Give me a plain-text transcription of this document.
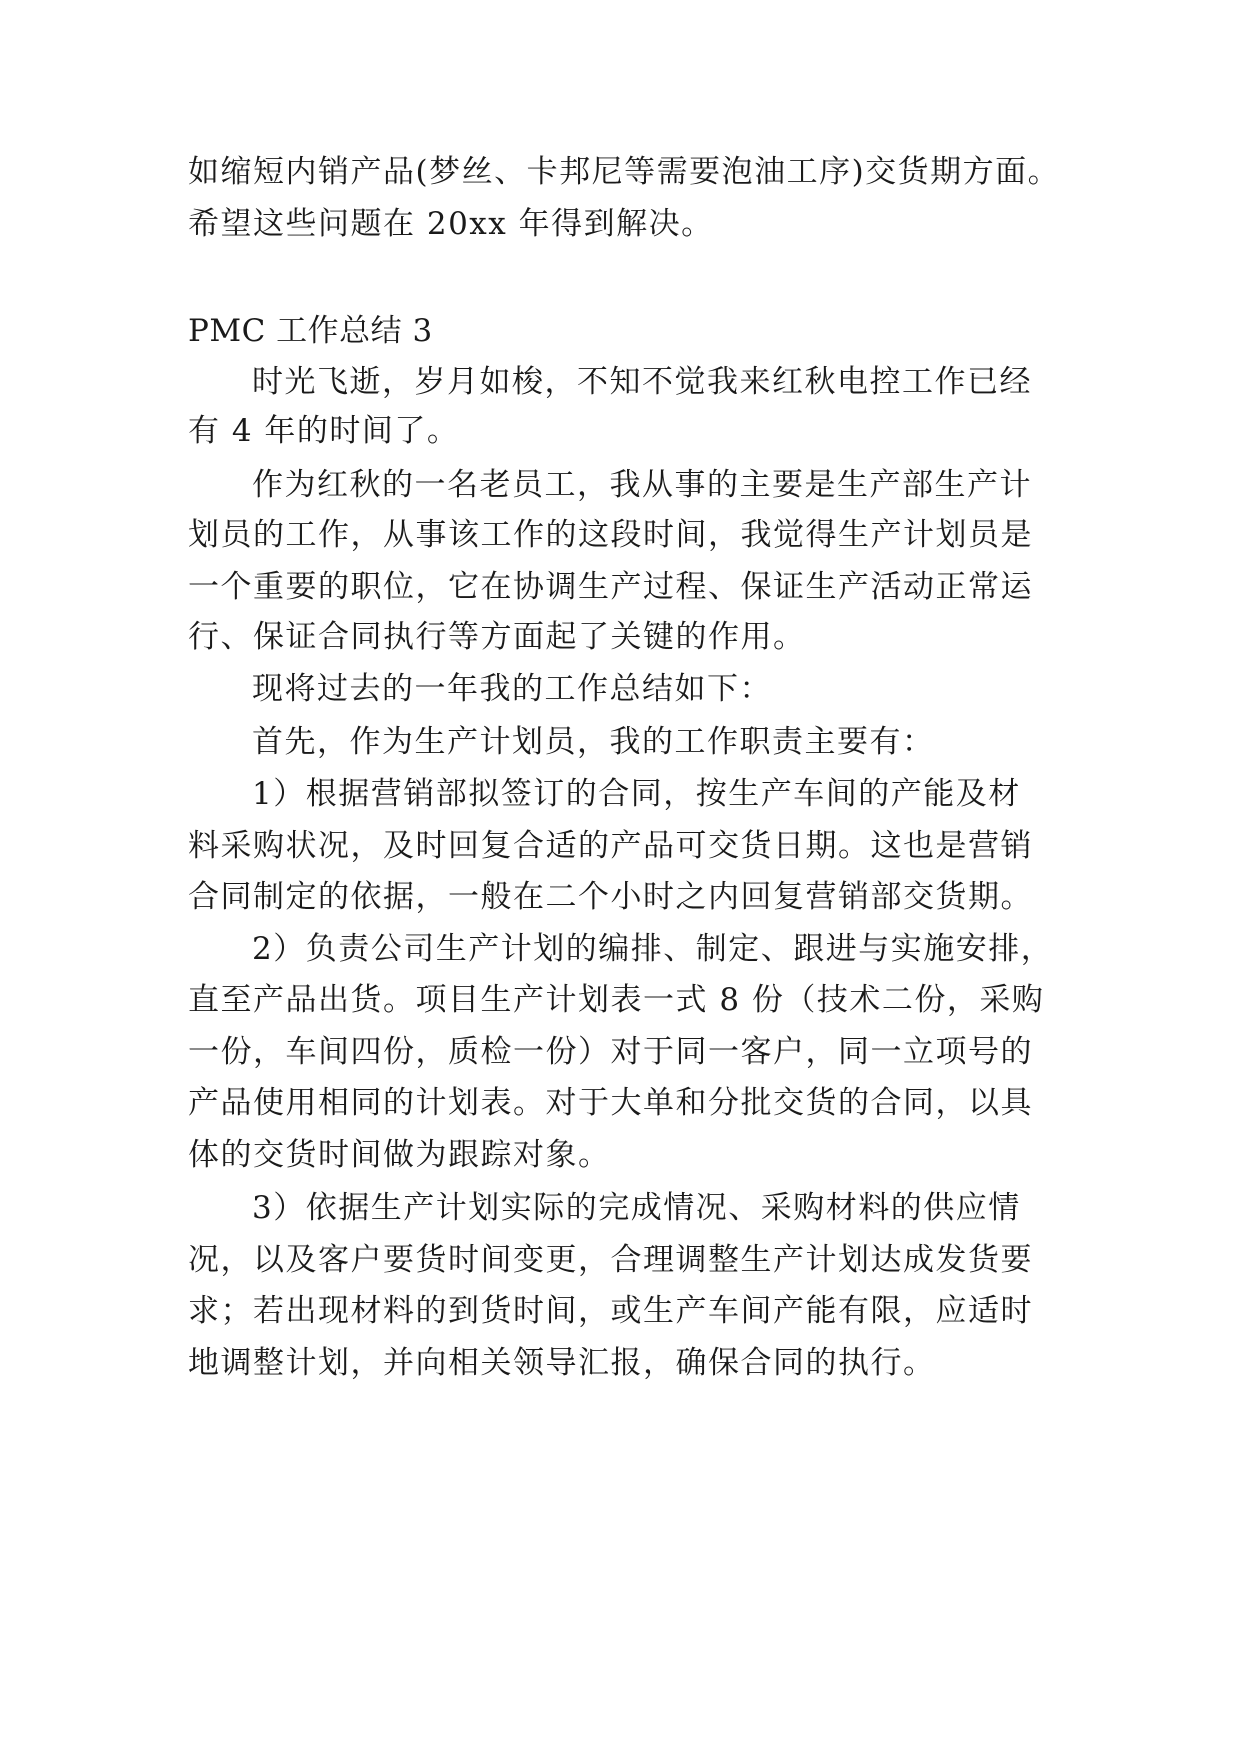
如缩短内销产品(梦丝、卡邦尼等需要泡油工序)交货期方面。
希望这些问题在 20xx 年得到解决。
PMC 工作总结 3
时光飞逝，岁月如梭，不知不觉我来红秋电控工作已经
有 4 年的时间了。
作为红秋的一名老员工，我从事的主要是生产部生产计
划员的工作，从事该工作的这段时间，我觉得生产计划员是
一个重要的职位，它在协调生产过程、保证生产活动正常运
行、保证合同执行等方面起了关键的作用。
现将过去的一年我的工作总结如下：
首先，作为生产计划员，我的工作职责主要有：
1）根据营销部拟签订的合同，按生产车间的产能及材
料采购状况，及时回复合适的产品可交货日期。这也是营销
合同制定的依据，一般在二个小时之内回复营销部交货期。
2）负责公司生产计划的编排、制定、跟进与实施安排，
直至产品出货。项目生产计划表一式 8 份（技术二份，采购
一份，车间四份，质检一份）对于同一客户，同一立项号的
产品使用相同的计划表。对于大单和分批交货的合同，以具
体的交货时间做为跟踪对象。
3）依据生产计划实际的完成情况、采购材料的供应情
况，以及客户要货时间变更，合理调整生产计划达成发货要
求；若出现材料的到货时间，或生产车间产能有限，应适时
地调整计划，并向相关领导汇报，确保合同的执行。
